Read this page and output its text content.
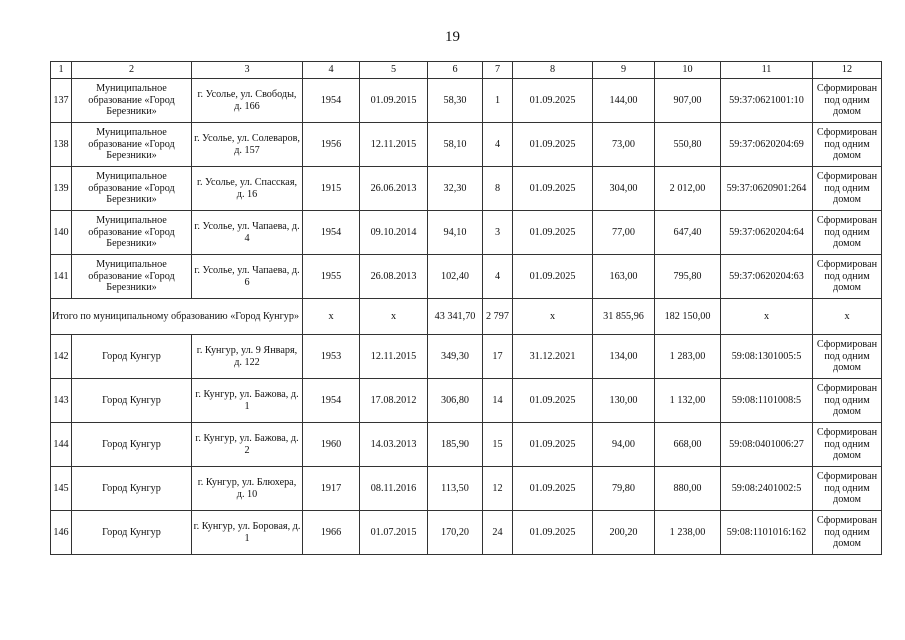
19
1	2	3	4	5	6	7	8	9	10	11	12
137	Муниципальное образование «Город Березники»	г. Усолье, ул. Свободы, д. 166	1954	01.09.2015	58,30	1	01.09.2025	144,00	907,00	59:37:0621001:10	Сформирован под одним домом
138	Муниципальное образование «Город Березники»	г. Усолье, ул. Солеваров, д. 157	1956	12.11.2015	58,10	4	01.09.2025	73,00	550,80	59:37:0620204:69	Сформирован под одним домом
139	Муниципальное образование «Город Березники»	г. Усолье, ул. Спасская, д. 16	1915	26.06.2013	32,30	8	01.09.2025	304,00	2 012,00	59:37:0620901:264	Сформирован под одним домом
140	Муниципальное образование «Город Березники»	г. Усолье, ул. Чапаева, д. 4	1954	09.10.2014	94,10	3	01.09.2025	77,00	647,40	59:37:0620204:64	Сформирован под одним домом
141	Муниципальное образование «Город Березники»	г. Усолье, ул. Чапаева, д. 6	1955	26.08.2013	102,40	4	01.09.2025	163,00	795,80	59:37:0620204:63	Сформирован под одним домом
Итого по муниципальному образованию «Город Кунгур»			x	x	43 341,70	2 797	x	31 855,96	182 150,00	x	x
142	Город Кунгур	г. Кунгур, ул. 9 Января, д. 122	1953	12.11.2015	349,30	17	31.12.2021	134,00	1 283,00	59:08:1301005:5	Сформирован под одним домом
143	Город Кунгур	г. Кунгур, ул. Бажова, д. 1	1954	17.08.2012	306,80	14	01.09.2025	130,00	1 132,00	59:08:1101008:5	Сформирован под одним домом
144	Город Кунгур	г. Кунгур, ул. Бажова, д. 2	1960	14.03.2013	185,90	15	01.09.2025	94,00	668,00	59:08:0401006:27	Сформирован под одним домом
145	Город Кунгур	г. Кунгур, ул. Блюхера, д. 10	1917	08.11.2016	113,50	12	01.09.2025	79,80	880,00	59:08:2401002:5	Сформирован под одним домом
146	Город Кунгур	г. Кунгур, ул. Боровая, д. 1	1966	01.07.2015	170,20	24	01.09.2025	200,20	1 238,00	59:08:1101016:162	Сформирован под одним домом
